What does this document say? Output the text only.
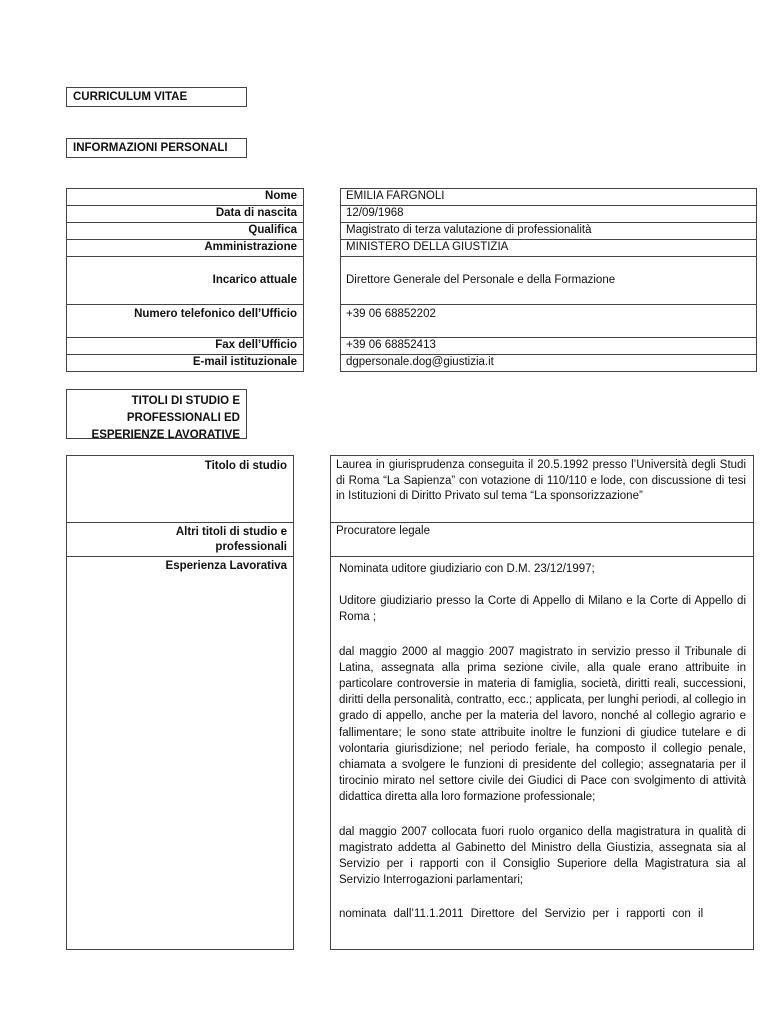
CURRICULUM VITAE
INFORMAZIONI PERSONALI
Nome		EMILIA FARGNOLI
Data di nascita		12/09/1968
Qualifica		Magistrato di terza valutazione di professionalità
Amministrazione		MINISTERO DELLA GIUSTIZIA
Incarico attuale		Direttore Generale del Personale e della Formazione
Numero telefonico dell’Ufficio		+39 06 68852202
Fax dell’Ufficio		+39 06 68852413
E-mail istituzionale		dgpersonale.dog@giustizia.it
TITOLI DI STUDIO E PROFESSIONALI ED ESPERIENZE LAVORATIVE
Titolo di studio		Laurea in giurisprudenza conseguita il 20.5.1992 presso l’Università degli Studi di Roma “La Sapienza” con votazione di 110/110 e lode, con discussione di tesi in Istituzioni di Diritto Privato sul tema “La sponsorizzazione”
Altri titoli di studio e professionali		Procuratore legale
Esperienza Lavorativa		Nominata uditore giudiziario con D.M. 23/12/1997;

Uditore giudiziario presso la Corte di Appello di Milano e la Corte di Appello di Roma ;

dal maggio 2000 al maggio 2007 magistrato in servizio presso il Tribunale di Latina, assegnata alla prima sezione civile, alla quale erano attribuite in particolare controversie in materia di famiglia, società, diritti reali, successioni, diritti della personalità, contratto, ecc.; applicata, per lunghi periodi, al collegio in grado di appello, anche per la materia del lavoro, nonché al collegio agrario e fallimentare; le sono state attribuite inoltre le funzioni di giudice tutelare e di volontaria giurisdizione; nel periodo feriale, ha composto il collegio penale, chiamata a svolgere le funzioni di presidente del collegio; assegnataria per il tirocinio mirato nel settore civile dei Giudici di Pace con svolgimento di attività didattica diretta alla loro formazione professionale;

dal maggio 2007 collocata fuori ruolo organico della magistratura in qualità di magistrato addetta al Gabinetto del Ministro della Giustizia, assegnata sia al Servizio per i rapporti con il Consiglio Superiore della Magistratura sia al Servizio Interrogazioni parlamentari;

nominata dall’11.1.2011 Direttore del Servizio per i rapporti con il
